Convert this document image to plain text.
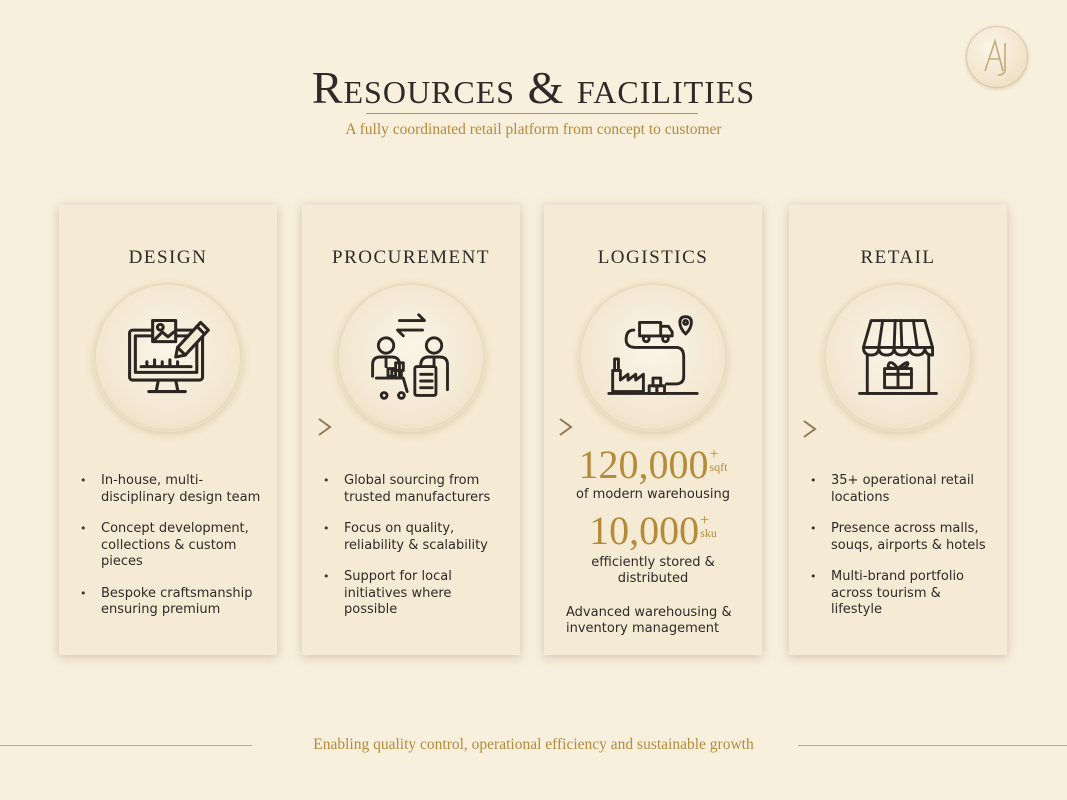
Resources & facilities
A fully coordinated retail platform from concept to customer
DESIGN
• In-house, multi-disciplinary design team
• Concept development, collections & custom pieces
• Bespoke craftsmanship ensuring premium
PROCUREMENT
• Global sourcing from trusted manufacturers
• Focus on quality, reliability & scalability
• Support for local initiatives where possible
LOGISTICS
120,000 +
sqft
of modern warehousing
10,000 +
sku
efficiently stored & distributed
Advanced warehousing & inventory management
RETAIL
• 35+ operational retail locations
• Presence across malls, souqs, airports & hotels
• Multi-brand portfolio across tourism & lifestyle
Enabling quality control, operational efficiency and sustainable growth
